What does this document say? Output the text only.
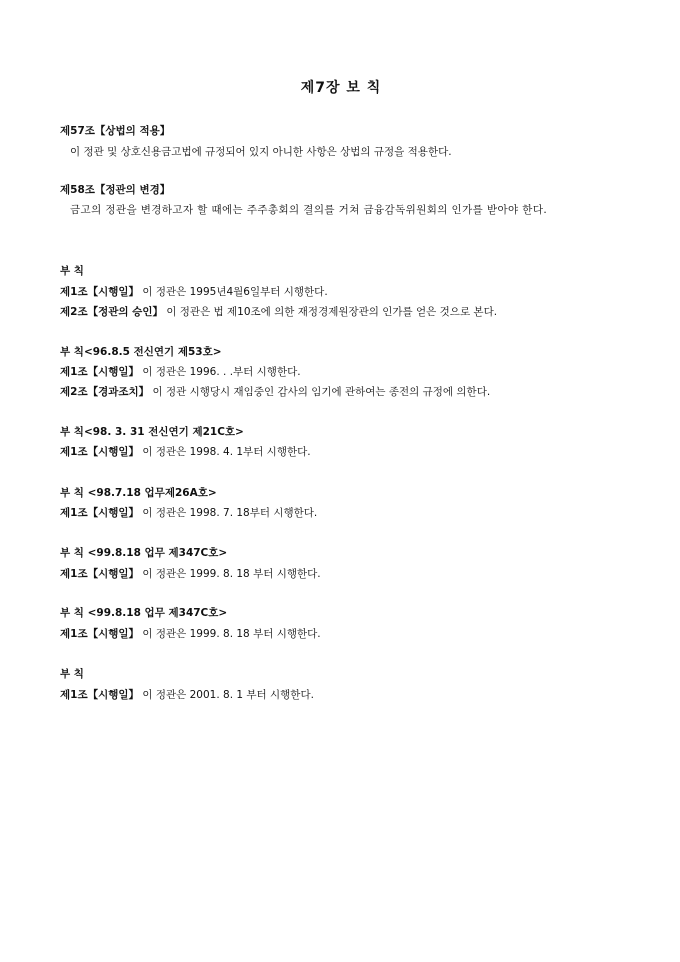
제7장 보 칙
제57조【상법의 적용】
이 정관 및 상호신용금고법에 규정되어 있지 아니한 사항은 상법의 규정을 적용한다.
제58조【정관의 변경】
금고의 정관을 변경하고자 할 때에는 주주총회의 결의를 거쳐 금융감독위원회의 인가를 받아야 한다.
부 칙
제1조【시행일】 이 정관은 1995년4월6일부터 시행한다.
제2조【정관의 승인】 이 정관은 법 제10조에 의한 재정경제원장관의 인가를 얻은 것으로 본다.
부 칙<96.8.5 전신연기 제53호>
제1조【시행일】 이 정관은 1996. . .부터 시행한다.
제2조【경과조치】 이 정관 시행당시 재임중인 감사의 임기에 관하여는 종전의 규정에 의한다.
부 칙<98. 3. 31 전신연기 제21C호>
제1조【시행일】 이 정관은 1998. 4. 1부터 시행한다.
부 칙 <98.7.18 업무제26A호>
제1조【시행일】 이 정관은 1998. 7. 18부터 시행한다.
부 칙 <99.8.18 업무 제347C호>
제1조【시행일】 이 정관은 1999. 8. 18 부터 시행한다.
부 칙 <99.8.18 업무 제347C호>
제1조【시행일】 이 정관은 1999. 8. 18 부터 시행한다.
부 칙
제1조【시행일】 이 정관은 2001. 8. 1 부터 시행한다.
